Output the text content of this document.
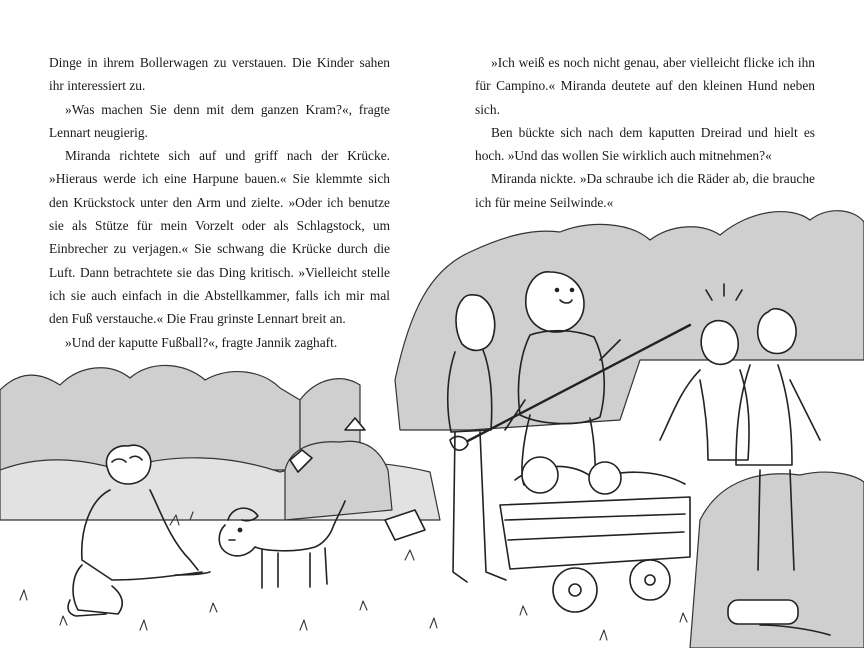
Dinge in ihrem Bollerwagen zu verstauen. Die Kinder sahen ihr interessiert zu.

»Was machen Sie denn mit dem ganzen Kram?«, fragte Lennart neugierig.

Miranda richtete sich auf und griff nach der Krücke. »Hieraus werde ich eine Harpune bauen.« Sie klemmte sich den Krückstock unter den Arm und zielte. »Oder ich benutze sie als Stütze für mein Vorzelt oder als Schlagstock, um Einbrecher zu verjagen.« Sie schwang die Krücke durch die Luft. Dann betrachtete sie das Ding kritisch. »Vielleicht stelle ich sie auch einfach in die Abstellkammer, falls ich mir mal den Fuß verstauche.« Die Frau grinste Lennart breit an.

»Und der kaputte Fußball?«, fragte Jannik zaghaft.

»Ich weiß es noch nicht genau, aber vielleicht flicke ich ihn für Campino.« Miranda deutete auf den kleinen Hund neben sich.

Ben bückte sich nach dem kaputten Dreirad und hielt es hoch. »Und das wollen Sie wirklich auch mitnehmen?«

Miranda nickte. »Da schraube ich die Räder ab, die brauche ich für meine Seilwinde.«
